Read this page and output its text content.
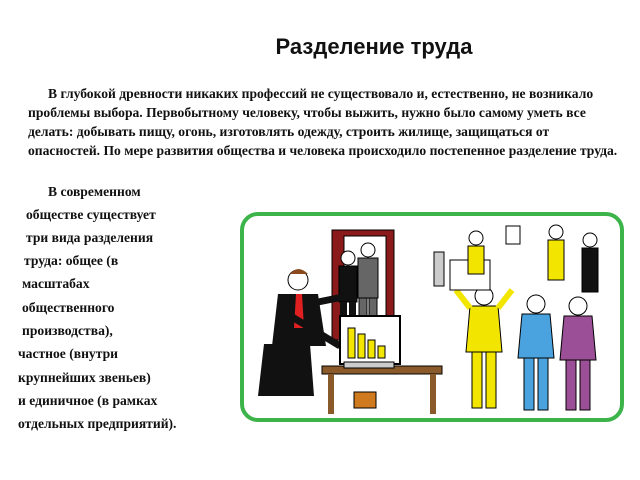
Разделение труда
В глубокой древности никаких профессий не существовало и, естественно, не возникало проблемы выбора. Первобытному человеку, чтобы выжить, нужно было самому уметь все делать: добывать пищу, огонь, изготовлять одежду, строить жилище, защищаться от опасностей. По мере развития общества и человека происходило постепенное разделение труда.
В современном
обществе существует
три вида разделения
труда: общее (в
масштабах
общественного
производства),
частное (внутри
крупнейших звеньев)
и единичное (в рамках
отдельных предприятий).
